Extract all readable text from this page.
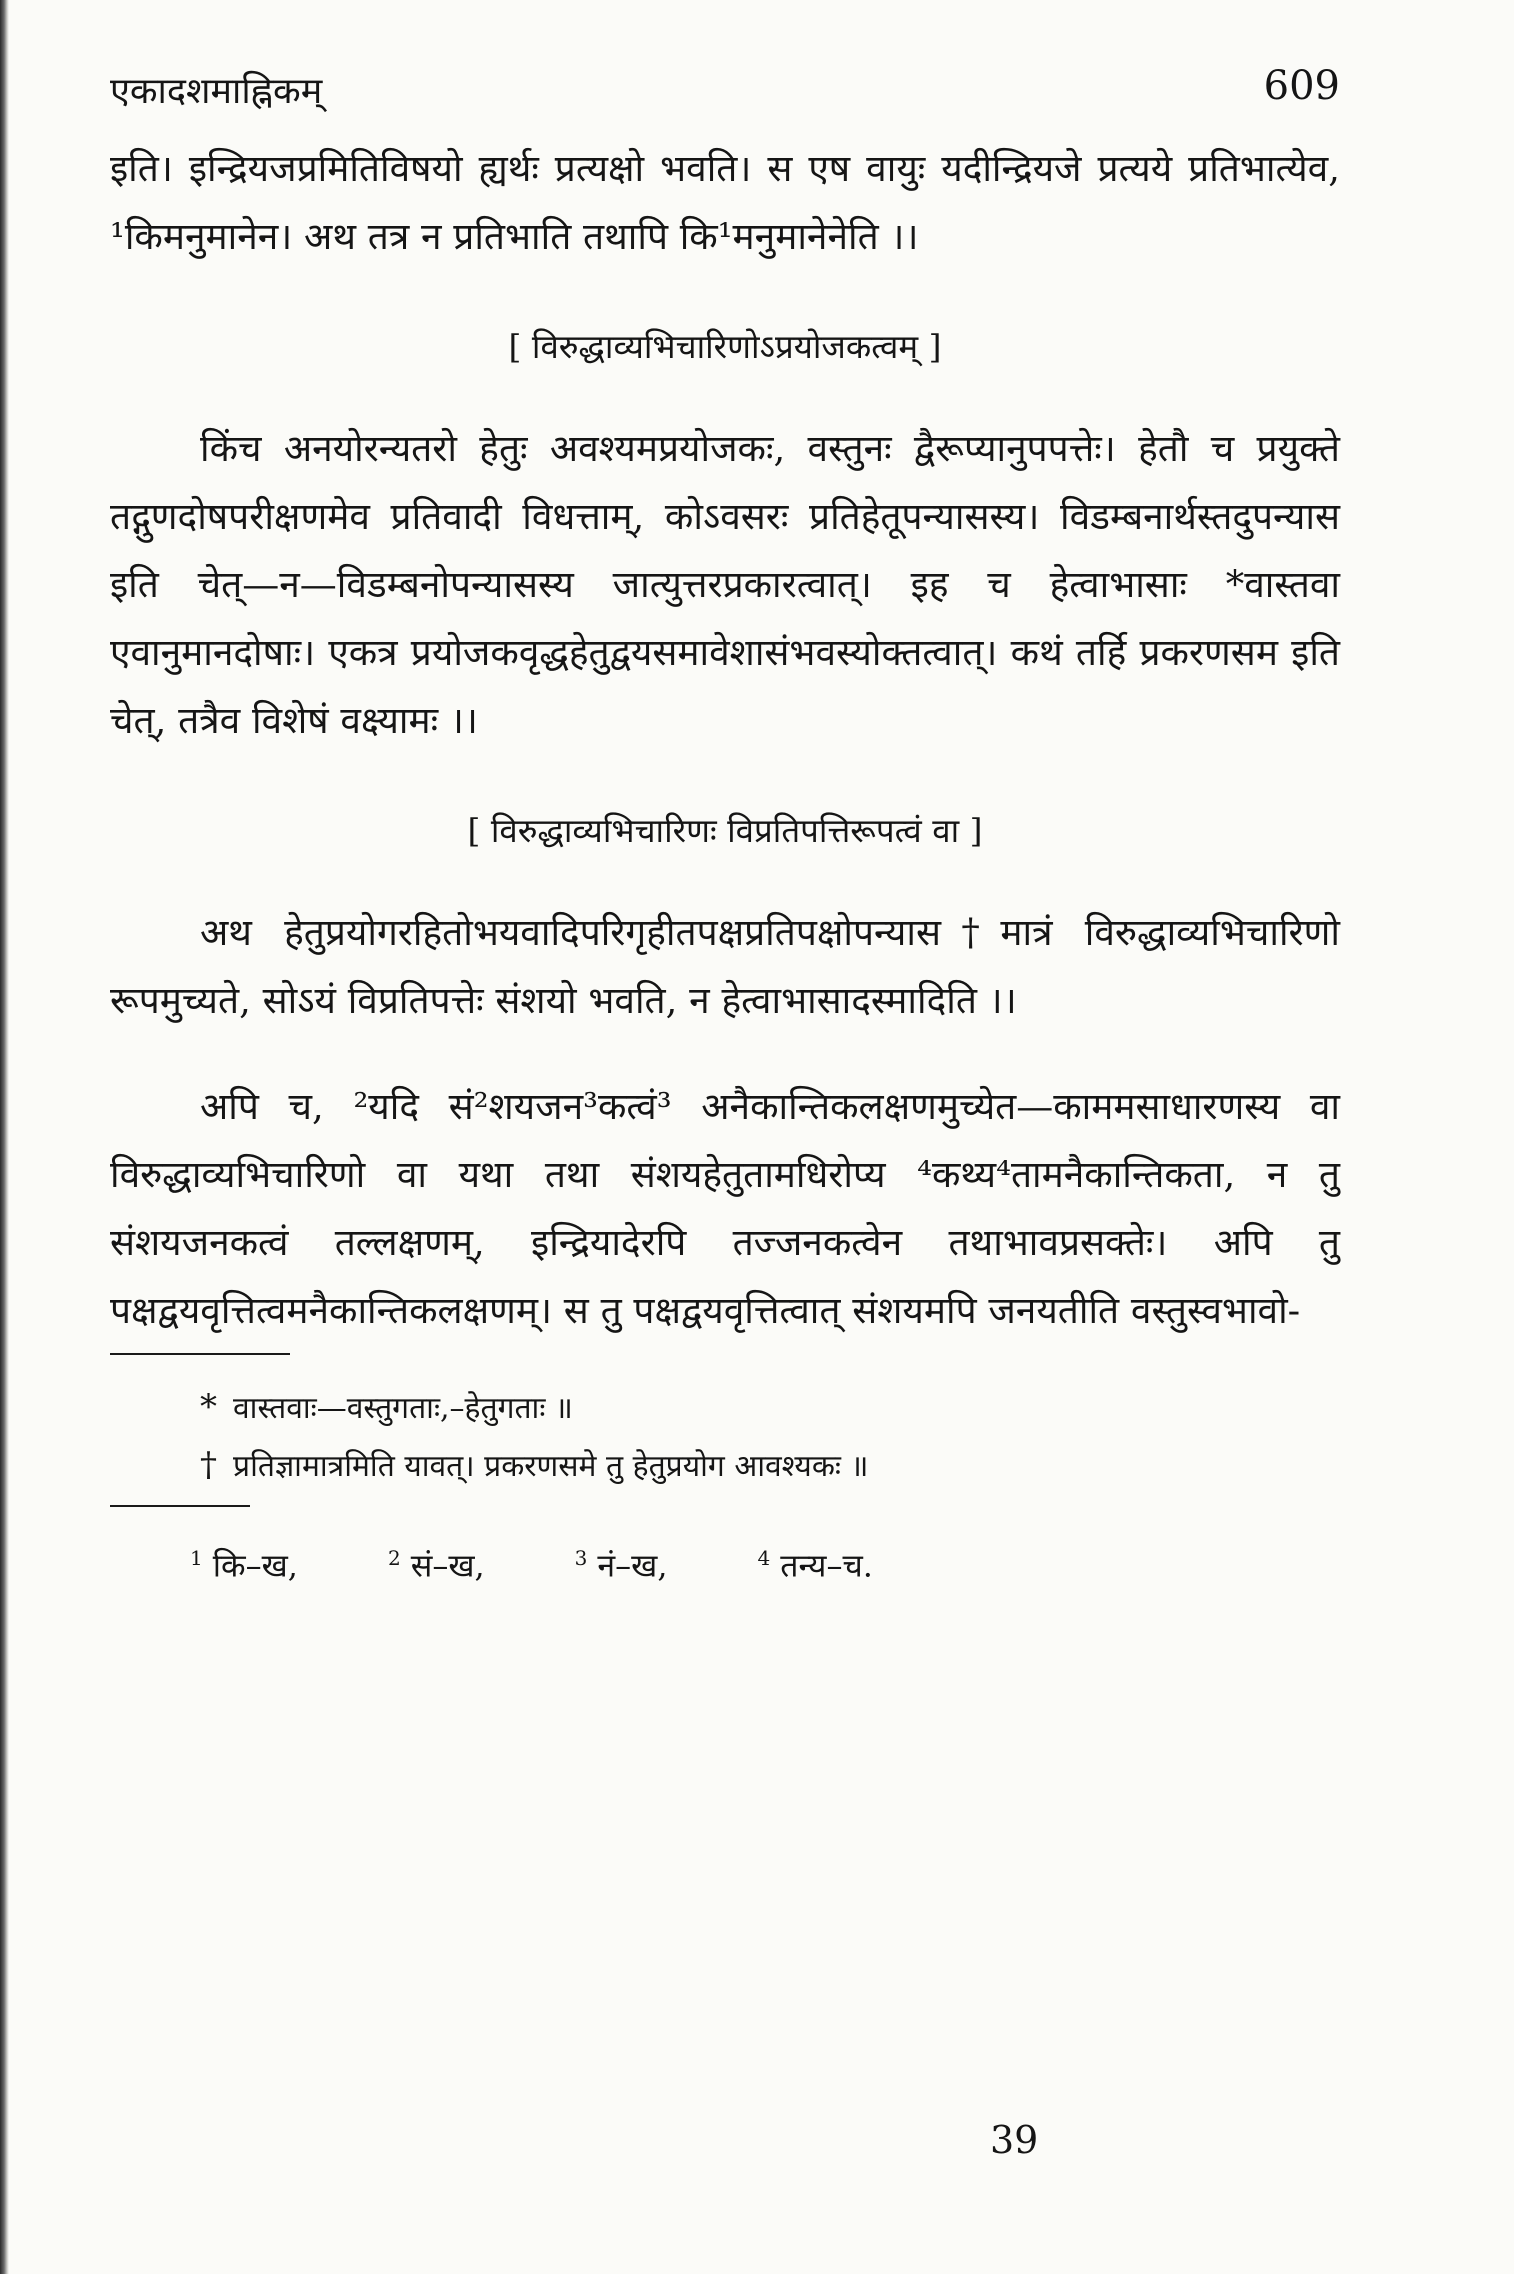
एकादशमाह्निकम्	609

इति। इन्द्रियजप्रमितिविषयो ह्यर्थः प्रत्यक्षो भवति। स एष वायुः यदीन्द्रियजे प्रत्यये प्रतिभात्येव, ¹किमनुमानेन। अथ तत्र न प्रतिभाति तथापि कि¹मनुमानेनेति ।।

[ विरुद्धाव्यभिचारिणोऽप्रयोजकत्वम् ]

किंच अनयोरन्यतरो हेतुः अवश्यमप्रयोजकः, वस्तुनः द्वैरूप्यानुपपत्तेः। हेतौ च प्रयुक्ते तद्गुणदोषपरीक्षणमेव प्रतिवादी विधत्ताम्, कोऽवसरः प्रतिहेतूपन्यासस्य। विडम्बनार्थस्तदुपन्यास इति चेत्—न—विडम्बनोपन्यासस्य जात्युत्तरप्रकारत्वात्। इह च हेत्वाभासाः *वास्तवा एवानुमानदोषाः। एकत्र प्रयोजकवृद्धहेतुद्वयसमावेशासंभवस्योक्तत्वात्। कथं तर्हि प्रकरणसम इति चेत्, तत्रैव विशेषं वक्ष्यामः ।।

[ विरुद्धाव्यभिचारिणः विप्रतिपत्तिरूपत्वं वा ]

अथ हेतुप्रयोगरहितोभयवादिपरिगृहीतपक्षप्रतिपक्षोपन्यास†मात्रं विरुद्धाव्यभिचारिणो रूपमुच्यते, सोऽयं विप्रतिपत्तेः संशयो भवति, न हेत्वाभासादस्मादिति ।।

अपि च, ²यदि सं²शयजन³कत्वं³ अनैकान्तिकलक्षणमुच्येत—काममसाधारणस्य वा विरुद्धाव्यभिचारिणो वा यथा तथा संशयहेतुतामधिरोप्य ⁴कथ्य⁴तामनैकान्तिकता, न तु संशयजनकत्वं तल्लक्षणम्, इन्द्रियादेरपि तज्जनकत्वेन तथाभावप्रसक्तेः। अपि तु पक्षद्वयवृत्तित्वमनैकान्तिकलक्षणम्। स तु पक्षद्वयवृत्तित्वात् संशयमपि जनयतीति वस्तुस्वभावो-

* वास्तवाः—वस्तुगताः,–हेतुगताः ॥

† प्रतिज्ञामात्रमिति यावत्। प्रकरणसमे तु हेतुप्रयोग आवश्यकः ॥

$^1$ कि–ख,	$^2$ सं–ख,	$^3$ नं–ख,	$^4$ तन्य–च.
39
